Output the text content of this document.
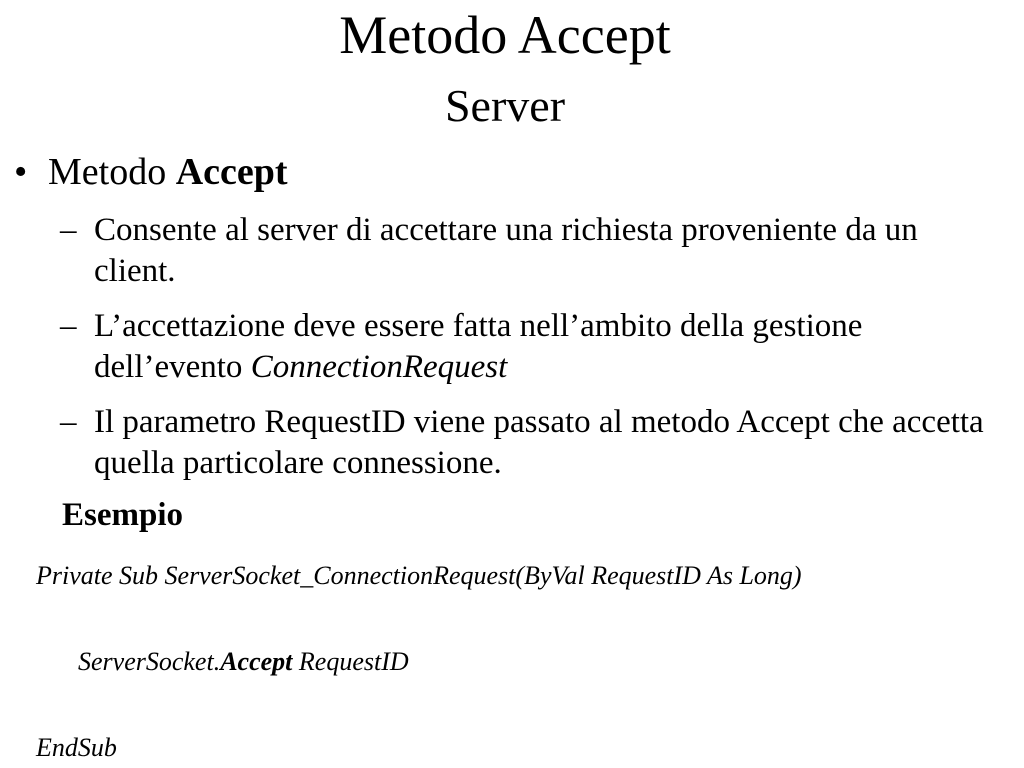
Metodo Accept
Server
• Metodo Accept
– Consente al server di accettare una richiesta proveniente da un client.
– L’accettazione deve essere fatta nell’ambito della gestione dell’evento ConnectionRequest
– Il parametro RequestID viene passato al metodo Accept che accetta quella particolare connessione.
Esempio
Private Sub ServerSocket_ConnectionRequest(ByVal RequestID As Long)
ServerSocket.Accept RequestID
EndSub
